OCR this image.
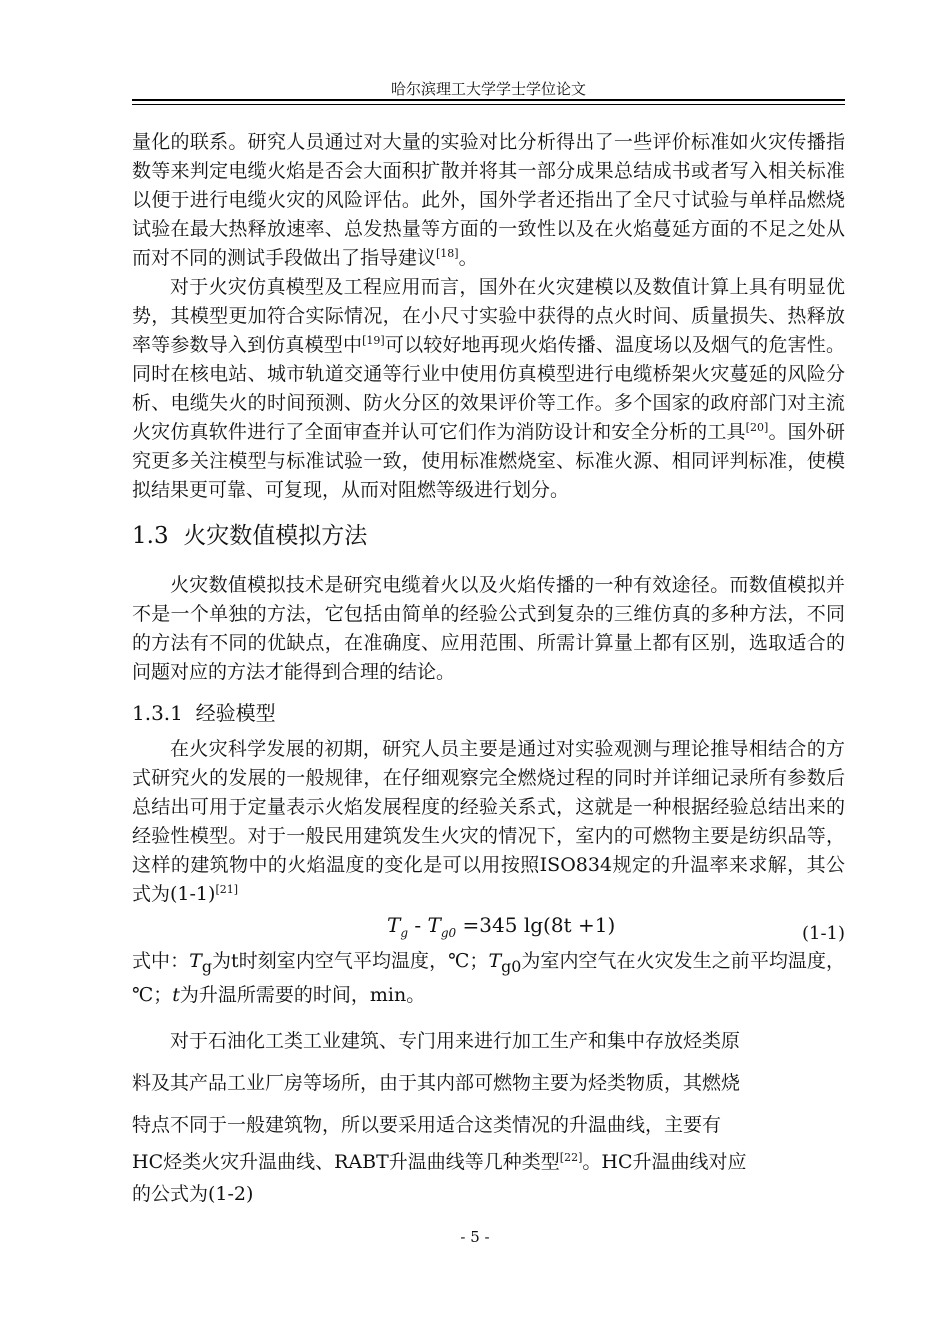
哈尔滨理工大学学士学位论文

量化的联系。研究人员通过对大量的实验对比分析得出了一些评价标准如火灾传播指数等来判定电缆火焰是否会大面积扩散并将其一部分成果总结成书或者写入相关标准以便于进行电缆火灾的风险评估。此外，国外学者还指出了全尺寸试验与单样品燃烧试验在最大热释放速率、总发热量等方面的一致性以及在火焰蔓延方面的不足之处从而对不同的测试手段做出了指导建议[18]。

对于火灾仿真模型及工程应用而言，国外在火灾建模以及数值计算上具有明显优势，其模型更加符合实际情况，在小尺寸实验中获得的点火时间、质量损失、热释放率等参数导入到仿真模型中[19]可以较好地再现火焰传播、温度场以及烟气的危害性。同时在核电站、城市轨道交通等行业中使用仿真模型进行电缆桥架火灾蔓延的风险分析、电缆失火的时间预测、防火分区的效果评价等工作。多个国家的政府部门对主流火灾仿真软件进行了全面审查并认可它们作为消防设计和安全分析的工具[20]。国外研究更多关注模型与标准试验一致，使用标准燃烧室、标准火源、相同评判标准，使模拟结果更可靠、可复现，从而对阻燃等级进行划分。

1.3 火灾数值模拟方法

火灾数值模拟技术是研究电缆着火以及火焰传播的一种有效途径。而数值模拟并不是一个单独的方法，它包括由简单的经验公式到复杂的三维仿真的多种方法，不同的方法有不同的优缺点，在准确度、应用范围、所需计算量上都有区别，选取适合的问题对应的方法才能得到合理的结论。

1.3.1 经验模型

在火灾科学发展的初期，研究人员主要是通过对实验观测与理论推导相结合的方式研究火的发展的一般规律，在仔细观察完全燃烧过程的同时并详细记录所有参数后总结出可用于定量表示火焰发展程度的经验关系式，这就是一种根据经验总结出来的经验性模型。对于一般民用建筑发生火灾的情况下，室内的可燃物主要是纺织品等，这样的建筑物中的火焰温度的变化是可以用按照ISO834规定的升温率来求解，其公式为(1-1)[21]

$T_g - T_{g0} =345$ lg(8t +1)	(1-1)

式中：$T_g$为t时刻室内空气平均温度，℃；$T_{g0}$为室内空气在火灾发生之前平均温度，℃；t为升温所需要的时间，min。

对于石油化工类工业建筑、专门用来进行加工生产和集中存放烃类原

料及其产品工业厂房等场所，由于其内部可燃物主要为烃类物质，其燃烧

特点不同于一般建筑物，所以要采用适合这类情况的升温曲线，主要有

HC烃类火灾升温曲线、RABT升温曲线等几种类型[22]。HC升温曲线对应

的公式为(1-2)

- 5 -
